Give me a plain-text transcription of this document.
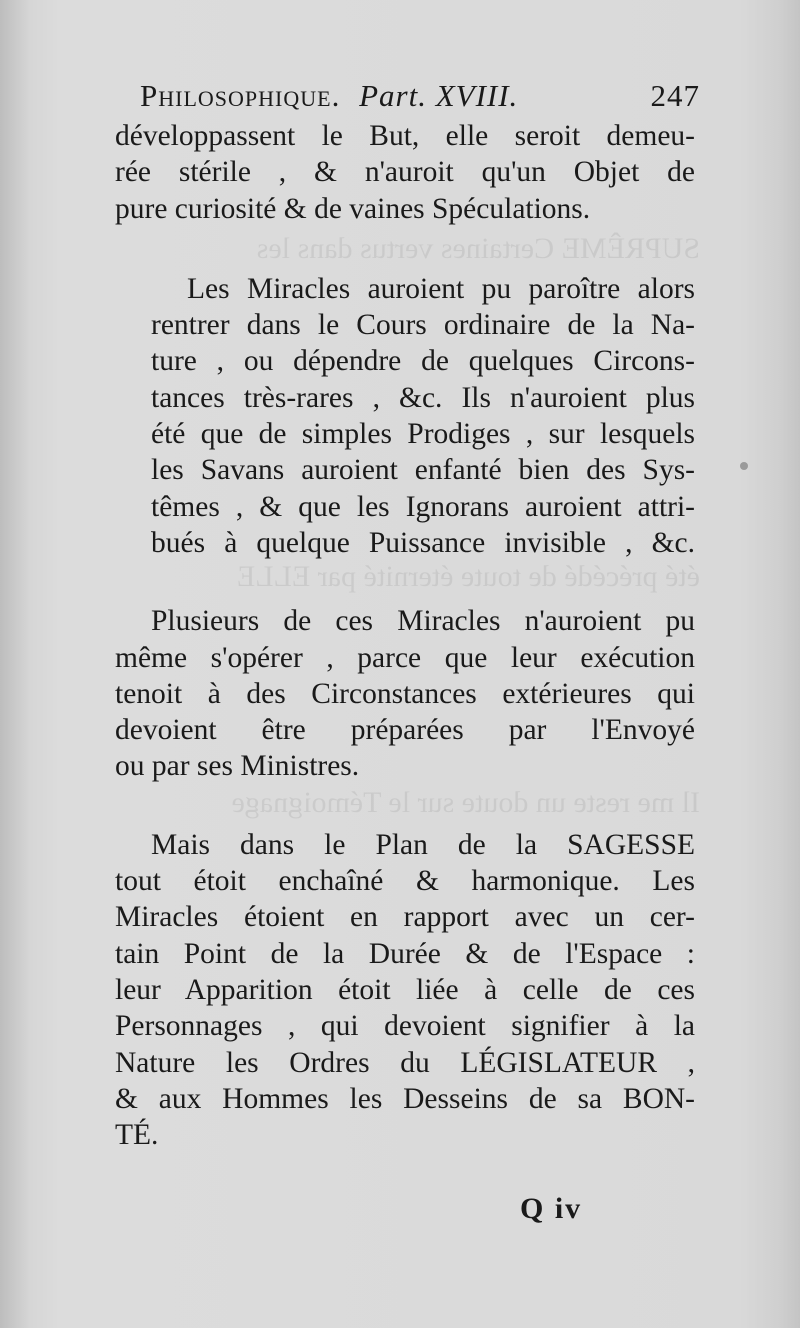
SUPRÊME Certaines vertus dans les
été précédé de toute éternité par ELLE
Il me reste un doute sur le Témoignage
Philosophique. Part. XVIII.	247
développassent le But, elle seroit demeu-
rée stérile , & n'auroit qu'un Objet de
pure curiosité & de vaines Spéculations.
Les Miracles auroient pu paroître alors
rentrer dans le Cours ordinaire de la Na-
ture , ou dépendre de quelques Circons-
tances très-rares , &c. Ils n'auroient plus
été que de simples Prodiges , sur lesquels
les Savans auroient enfanté bien des Sys-
têmes , & que les Ignorans auroient attri-
bués à quelque Puissance invisible , &c.
Plusieurs de ces Miracles n'auroient pu
même s'opérer , parce que leur exécution
tenoit à des Circonstances extérieures qui
devoient être préparées par l'Envoyé
ou par ses Ministres.
Mais dans le Plan de la SAGESSE
tout étoit enchaîné & harmonique. Les
Miracles étoient en rapport avec un cer-
tain Point de la Durée & de l'Espace :
leur Apparition étoit liée à celle de ces
Personnages , qui devoient signifier à la
Nature les Ordres du LÉGISLATEUR ,
& aux Hommes les Desseins de sa BON-
TÉ.
Q iv
